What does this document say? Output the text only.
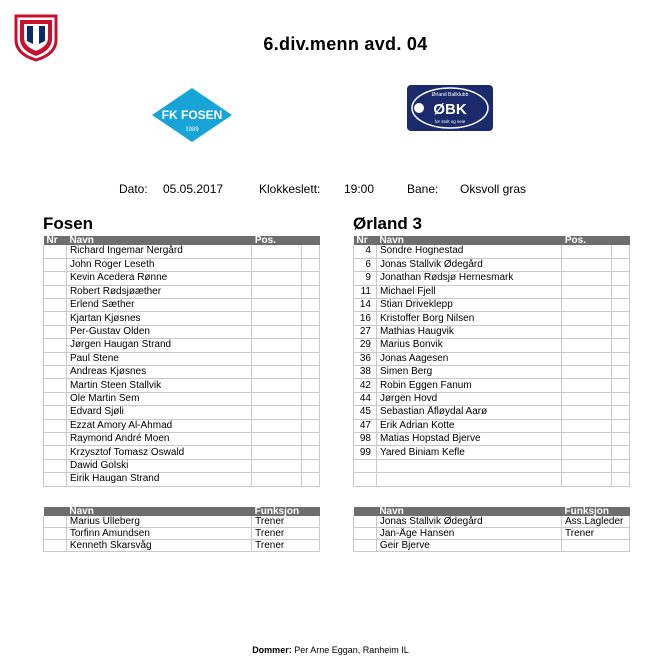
6.div.menn avd. 04
FK FOSEN
1989
Ørland Ballklubb
ØBK
for stolt og seie
Dato: 05.05.2017	Klokkeslett: 19:00	Bane: Oksvoll gras
Fosen	Ørland 3
Nr	Navn	Pos.	
	Richard Ingemar Nergård		
	John Roger Leseth		
	Kevin Acedera Rønne		
	Robert Rødsjøæther		
	Erlend Sæther		
	Kjartan Kjøsnes		
	Per-Gustav Olden		
	Jørgen Haugan Strand		
	Paul Stene		
	Andreas Kjøsnes		
	Martin Steen Stallvik		
	Ole Martin Sem		
	Edvard Sjøli		
	Ezzat Amory Al-Ahmad		
	Raymond André Moen		
	Krzysztof Tomasz Oswald		
	Dawid Golski		
	Eirik Haugan Strand		
Nr	Navn	Pos.	
4	Sondre Hognestad		
6	Jonas Stallvik Ødegård		
9	Jonathan Rødsjø Hernesmark		
11	Michael Fjell		
14	Stian Driveklepp		
16	Kristoffer Borg Nilsen		
27	Mathias Haugvik		
29	Marius Bonvik		
36	Jonas Aagesen		
38	Simen Berg		
42	Robin Eggen Fanum		
44	Jørgen Hovd		
45	Sebastian Åfløydal Aarø		
47	Erik Adrian Kotte		
98	Matias Hopstad Bjerve		
99	Yared Biniam Kefle		

	Navn	Funksjon
	Marius Ulleberg	Trener
	Torfinn Amundsen	Trener
	Kenneth Skarsvåg	Trener
	Navn	Funksjon
	Jonas Stallvik Ødegård	Ass.Lagleder
	Jan-Åge Hansen	Trener
	Geir Bjerve	
Dommer: Per Arne Eggan, Ranheim IL
